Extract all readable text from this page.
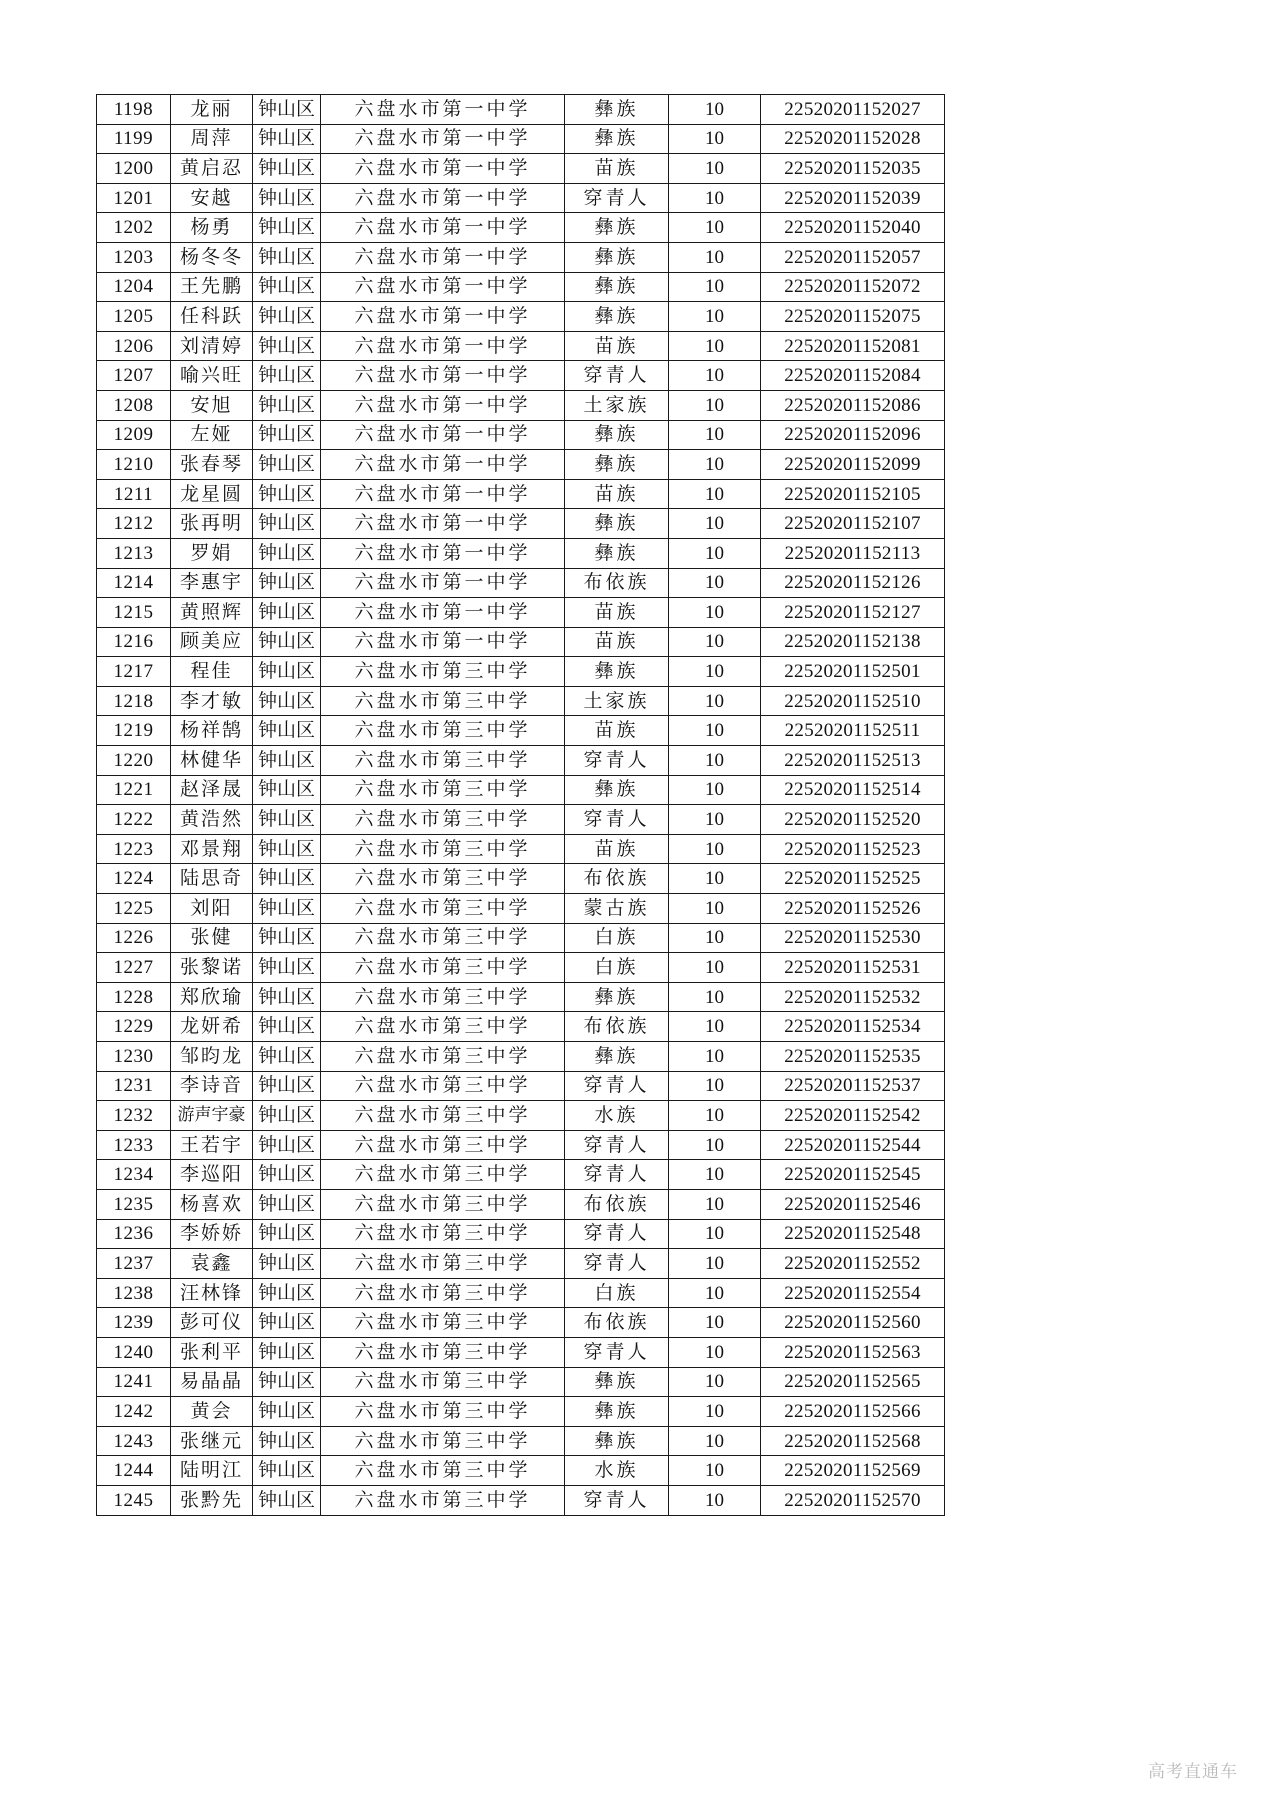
1198	龙丽	钟山区	六盘水市第一中学	彝族	10	22520201152027
1199	周萍	钟山区	六盘水市第一中学	彝族	10	22520201152028
1200	黄启忍	钟山区	六盘水市第一中学	苗族	10	22520201152035
1201	安越	钟山区	六盘水市第一中学	穿青人	10	22520201152039
1202	杨勇	钟山区	六盘水市第一中学	彝族	10	22520201152040
1203	杨冬冬	钟山区	六盘水市第一中学	彝族	10	22520201152057
1204	王先鹏	钟山区	六盘水市第一中学	彝族	10	22520201152072
1205	任科跃	钟山区	六盘水市第一中学	彝族	10	22520201152075
1206	刘清婷	钟山区	六盘水市第一中学	苗族	10	22520201152081
1207	喻兴旺	钟山区	六盘水市第一中学	穿青人	10	22520201152084
1208	安旭	钟山区	六盘水市第一中学	土家族	10	22520201152086
1209	左娅	钟山区	六盘水市第一中学	彝族	10	22520201152096
1210	张春琴	钟山区	六盘水市第一中学	彝族	10	22520201152099
1211	龙星圆	钟山区	六盘水市第一中学	苗族	10	22520201152105
1212	张再明	钟山区	六盘水市第一中学	彝族	10	22520201152107
1213	罗娟	钟山区	六盘水市第一中学	彝族	10	22520201152113
1214	李惠宇	钟山区	六盘水市第一中学	布依族	10	22520201152126
1215	黄照辉	钟山区	六盘水市第一中学	苗族	10	22520201152127
1216	顾美应	钟山区	六盘水市第一中学	苗族	10	22520201152138
1217	程佳	钟山区	六盘水市第三中学	彝族	10	22520201152501
1218	李才敏	钟山区	六盘水市第三中学	土家族	10	22520201152510
1219	杨祥鹄	钟山区	六盘水市第三中学	苗族	10	22520201152511
1220	林健华	钟山区	六盘水市第三中学	穿青人	10	22520201152513
1221	赵泽晟	钟山区	六盘水市第三中学	彝族	10	22520201152514
1222	黄浩然	钟山区	六盘水市第三中学	穿青人	10	22520201152520
1223	邓景翔	钟山区	六盘水市第三中学	苗族	10	22520201152523
1224	陆思奇	钟山区	六盘水市第三中学	布依族	10	22520201152525
1225	刘阳	钟山区	六盘水市第三中学	蒙古族	10	22520201152526
1226	张健	钟山区	六盘水市第三中学	白族	10	22520201152530
1227	张黎诺	钟山区	六盘水市第三中学	白族	10	22520201152531
1228	郑欣瑜	钟山区	六盘水市第三中学	彝族	10	22520201152532
1229	龙妍希	钟山区	六盘水市第三中学	布依族	10	22520201152534
1230	邹昀龙	钟山区	六盘水市第三中学	彝族	10	22520201152535
1231	李诗音	钟山区	六盘水市第三中学	穿青人	10	22520201152537
1232	游声宇豪	钟山区	六盘水市第三中学	水族	10	22520201152542
1233	王若宇	钟山区	六盘水市第三中学	穿青人	10	22520201152544
1234	李巡阳	钟山区	六盘水市第三中学	穿青人	10	22520201152545
1235	杨喜欢	钟山区	六盘水市第三中学	布依族	10	22520201152546
1236	李娇娇	钟山区	六盘水市第三中学	穿青人	10	22520201152548
1237	袁鑫	钟山区	六盘水市第三中学	穿青人	10	22520201152552
1238	汪林锋	钟山区	六盘水市第三中学	白族	10	22520201152554
1239	彭可仪	钟山区	六盘水市第三中学	布依族	10	22520201152560
1240	张利平	钟山区	六盘水市第三中学	穿青人	10	22520201152563
1241	易晶晶	钟山区	六盘水市第三中学	彝族	10	22520201152565
1242	黄会	钟山区	六盘水市第三中学	彝族	10	22520201152566
1243	张继元	钟山区	六盘水市第三中学	彝族	10	22520201152568
1244	陆明江	钟山区	六盘水市第三中学	水族	10	22520201152569
1245	张黔先	钟山区	六盘水市第三中学	穿青人	10	22520201152570
高考直通车
